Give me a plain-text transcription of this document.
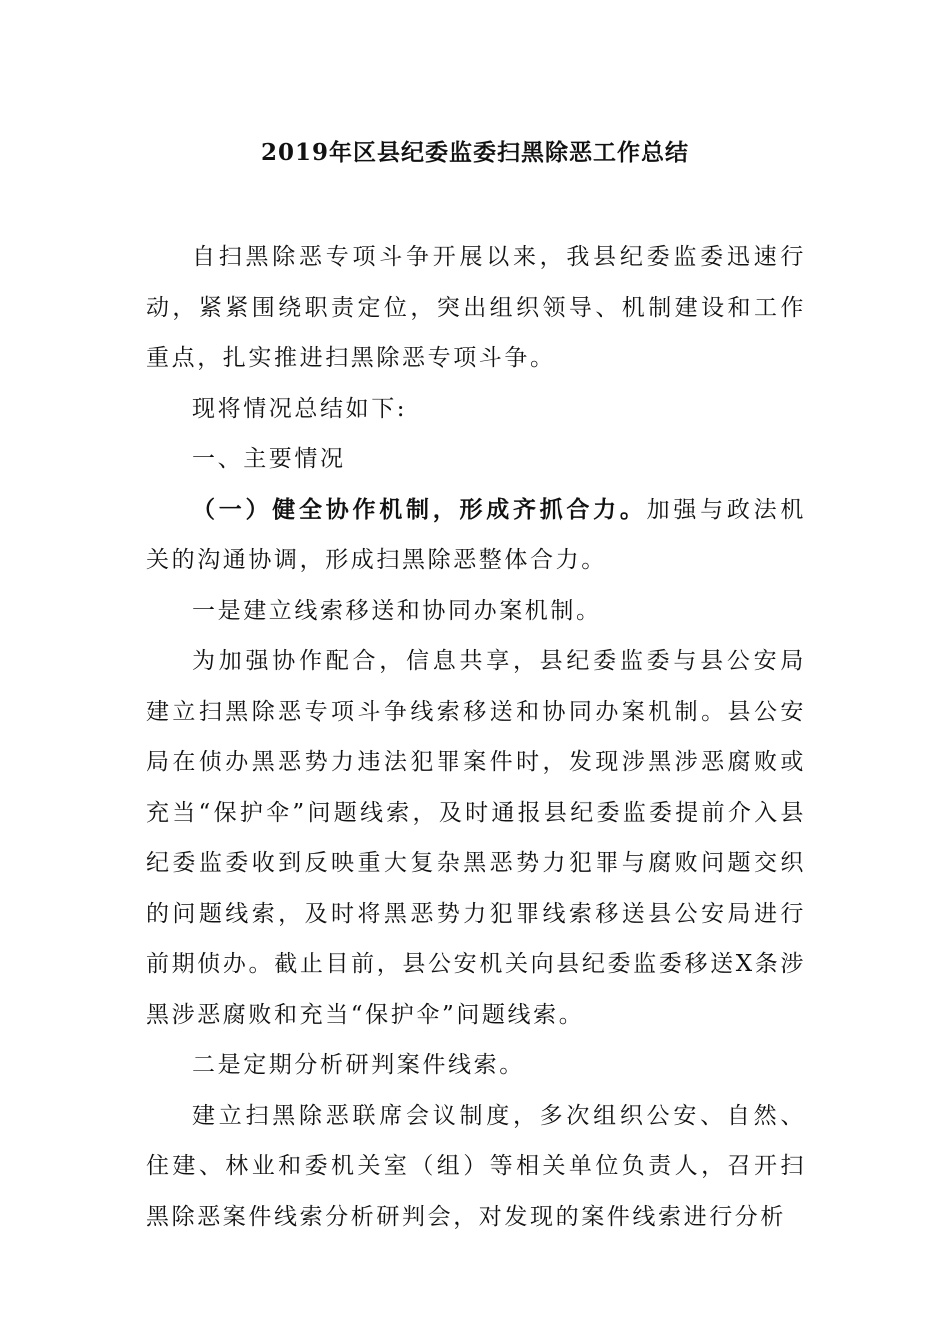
2019年区县纪委监委扫黑除恶工作总结

自扫黑除恶专项斗争开展以来，我县纪委监委迅速行动，紧紧围绕职责定位，突出组织领导、机制建设和工作重点，扎实推进扫黑除恶专项斗争。

现将情况总结如下:

一、主要情况

（一）健全协作机制，形成齐抓合力。加强与政法机关的沟通协调，形成扫黑除恶整体合力。

一是建立线索移送和协同办案机制。

为加强协作配合，信息共享，县纪委监委与县公安局建立扫黑除恶专项斗争线索移送和协同办案机制。县公安局在侦办黑恶势力违法犯罪案件时，发现涉黑涉恶腐败或充当“保护伞”问题线索，及时通报县纪委监委提前介入县纪委监委收到反映重大复杂黑恶势力犯罪与腐败问题交织的问题线索，及时将黑恶势力犯罪线索移送县公安局进行前期侦办。截止目前，县公安机关向县纪委监委移送X条涉黑涉恶腐败和充当“保护伞”问题线索。

二是定期分析研判案件线索。

建立扫黑除恶联席会议制度，多次组织公安、自然、住建、林业和委机关室（组）等相关单位负责人，召开扫黑除恶案件线索分析研判会，对发现的案件线索进行分析
